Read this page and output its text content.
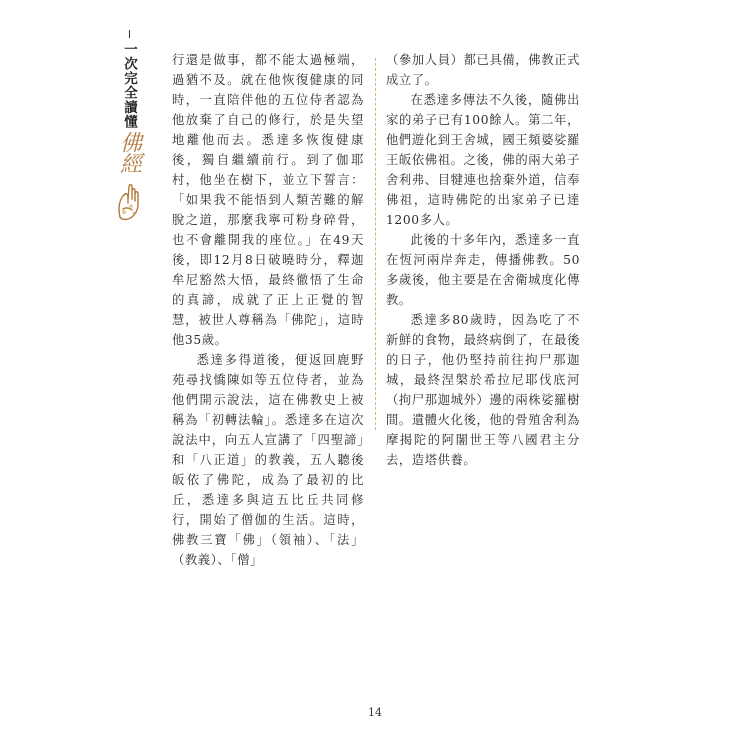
一次完全讀懂
佛經

行還是做事，都不能太過極端，過猶不及。就在他恢復健康的同時，一直陪伴他的五位侍者認為他放棄了自己的修行，於是失望地離他而去。悉達多恢復健康後，獨自繼續前行。到了伽耶村，他坐在樹下，並立下誓言：「如果我不能悟到人類苦難的解脫之道，那麼我寧可粉身碎骨，也不會離開我的座位。」在49天後，即12月8日破曉時分，釋迦牟尼豁然大悟，最終徹悟了生命的真諦，成就了正上正覺的智慧，被世人尊稱為「佛陀」，這時他35歲。

悉達多得道後，便返回鹿野苑尋找憍陳如等五位侍者，並為他們開示說法，這在佛教史上被稱為「初轉法輪」。悉達多在這次說法中，向五人宣講了「四聖諦」和「八正道」的教義，五人聽後皈依了佛陀，成為了最初的比丘，悉達多與這五比丘共同修行，開始了僧伽的生活。這時，佛教三寶「佛」（領袖）、「法」（教義）、「僧」

（參加人員）都已具備，佛教正式成立了。

在悉達多傳法不久後，隨佛出家的弟子已有100餘人。第二年，他們遊化到王舍城，國王頻婆娑羅王皈依佛祖。之後，佛的兩大弟子舍利弗、目犍連也捨棄外道，信奉佛祖，這時佛陀的出家弟子已達1200多人。

此後的十多年內，悉達多一直在恆河兩岸奔走，傳播佛教。50多歲後，他主要是在舍衛城度化傳教。

悉達多80歲時，因為吃了不新鮮的食物，最終病倒了，在最後的日子，他仍堅持前往拘尸那迦城，最終涅槃於希拉尼耶伐底河（拘尸那迦城外）邊的兩株娑羅樹間。遺體火化後，他的骨殖舍利為摩揭陀的阿闍世王等八國君主分去，造塔供養。

14
